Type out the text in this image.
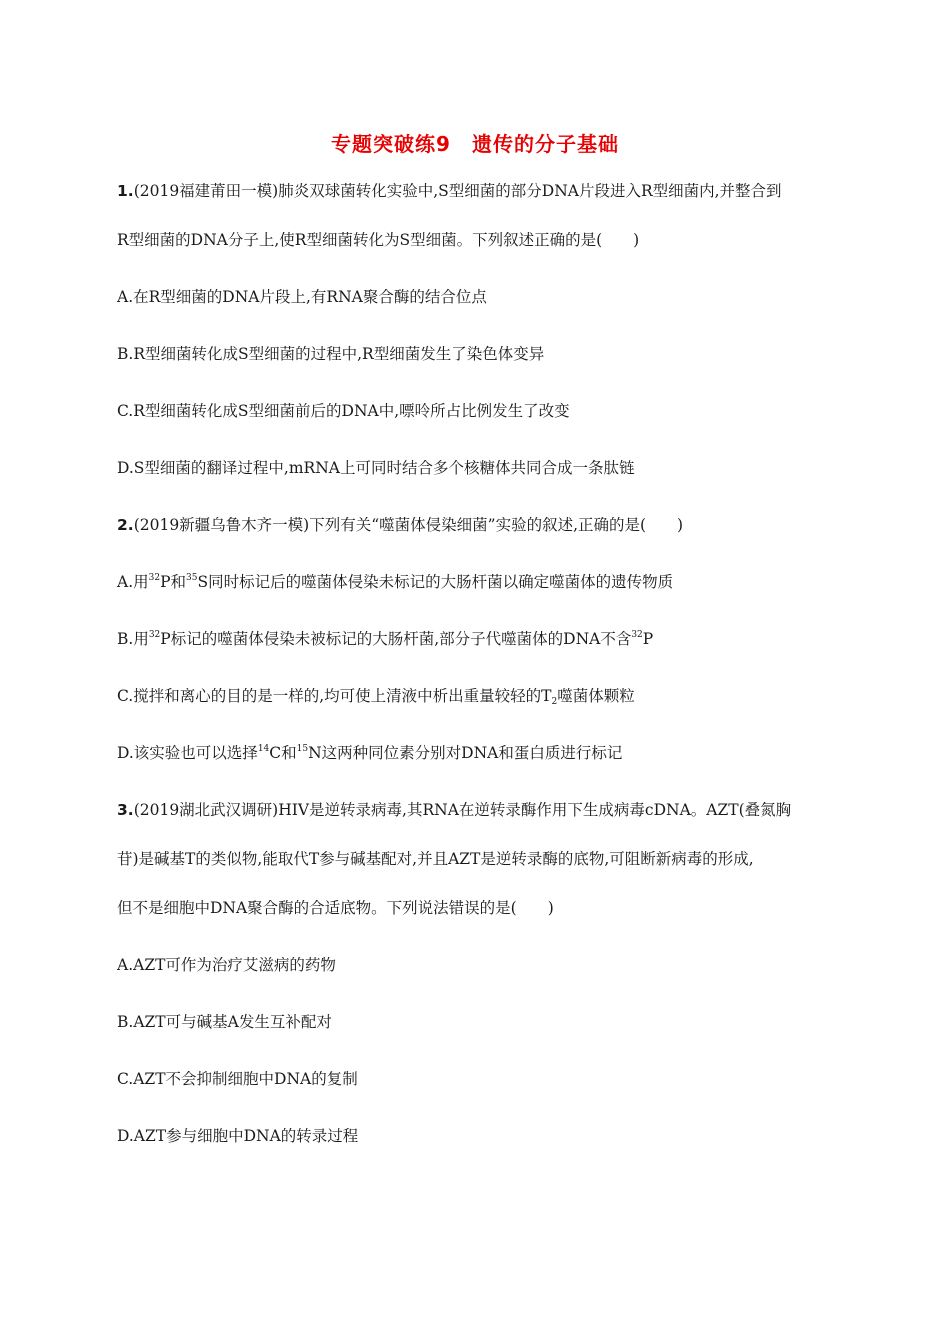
专题突破练9　遗传的分子基础
1.(2019福建莆田一模)肺炎双球菌转化实验中,S型细菌的部分DNA片段进入R型细菌内,并整合到
R型细菌的DNA分子上,使R型细菌转化为S型细菌。下列叙述正确的是(　　)
A.在R型细菌的DNA片段上,有RNA聚合酶的结合位点
B.R型细菌转化成S型细菌的过程中,R型细菌发生了染色体变异
C.R型细菌转化成S型细菌前后的DNA中,嘌呤所占比例发生了改变
D.S型细菌的翻译过程中,mRNA上可同时结合多个核糖体共同合成一条肽链
2.(2019新疆乌鲁木齐一模)下列有关“噬菌体侵染细菌”实验的叙述,正确的是(　　)
A.用$^{32}$P和$^{35}$S同时标记后的噬菌体侵染未标记的大肠杆菌以确定噬菌体的遗传物质
B.用$^{32}$P标记的噬菌体侵染未被标记的大肠杆菌,部分子代噬菌体的DNA不含$^{32}$P
C.搅拌和离心的目的是一样的,均可使上清液中析出重量较轻的$T_2$噬菌体颗粒
D.该实验也可以选择$^{14}$C和$^{15}$N这两种同位素分别对DNA和蛋白质进行标记
3.(2019湖北武汉调研)HIV是逆转录病毒,其RNA在逆转录酶作用下生成病毒cDNA。AZT(叠氮胸
苷)是碱基T的类似物,能取代T参与碱基配对,并且AZT是逆转录酶的底物,可阻断新病毒的形成,
但不是细胞中DNA聚合酶的合适底物。下列说法错误的是(　　)
A.AZT可作为治疗艾滋病的药物
B.AZT可与碱基A发生互补配对
C.AZT不会抑制细胞中DNA的复制
D.AZT参与细胞中DNA的转录过程
